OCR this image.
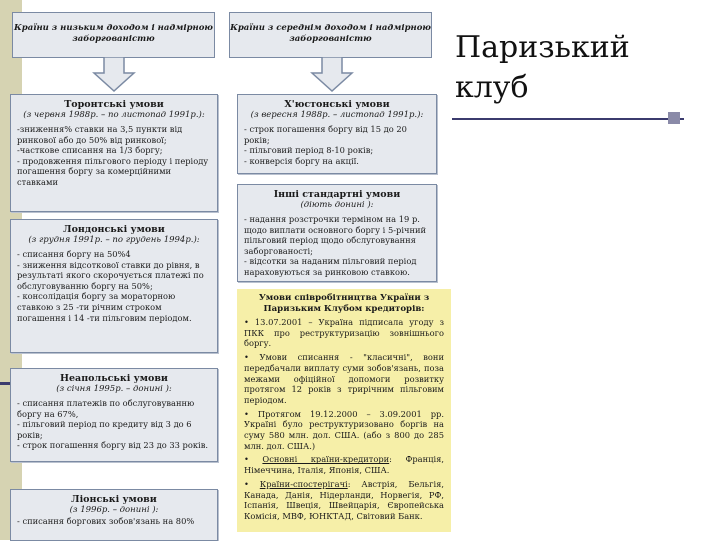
Паризький
клуб
Країни з низьким доходом і надмірною заборгованістю
Країни з середнім доходом і надмірною заборгованістю
Торонтські умови
(з червня 1988р. – по листопад 1991р.):
-зниження% ставки на 3,5 пункти від ринкової або до 50% від ринкової;
-часткове списання на 1/3 боргу;
- продовження пільгового періоду і періоду погашення боргу за комерційними ставками
Лондонські умови
(з грудня 1991р. – по грудень 1994р.):
- списання боргу на 50%4
- зниження відсоткової ставки до рівня, в результаті якого скорочується платежі по обслуговуванню боргу на 50%;
- консолідація боргу за мораторною ставкою з 25 -ти річним строком погашення і 14 -ти пільговим періодом.
Неапольські умови
(з січня 1995р. – донині ):
- списання платежів по обслуговуванню боргу на 67%,
- пільговий період по кредиту від 3 до 6 років;
- строк погашення боргу від 23 до 33 років.
Ліонські умови
(з 1996р. – донині ):
- списання боргових зобов'язань на 80%
Х'юстонські умови
(з вересня 1988р. – листопад 1991р.):
- строк погашення боргу від 15 до 20 років;
- пільговий період 8-10 років;
- конверсія боргу на акції.
Інші стандартні умови
(діють донині ):
- надання розстрочки терміном на 19 р. щодо виплати основного боргу і 5-річний пільговий період щодо обслуговування заборгованості;
- відсотки за наданим пільговий період нараховуються за ринковою ставкою.
Умови співробітництва України з Паризьким Клубом кредиторів:
• 13.07.2001 – Україна підписала угоду з ПКК про реструктуризацію зовнішнього боргу.
• Умови списання - "класичні", вони передбачали виплату суми зобов'язань, поза межами офіційної допомоги розвитку протягом 12 років з трирічним пільговим періодом.
• Протягом 19.12.2000 – 3.09.2001 рр. Україні було реструктуризовано боргів на суму 580 млн. дол. США. (або з 800 до 285 млн. дол. США.)
• Основні країни-кредитори: Франція, Німеччина, Італія, Японія, США.
• Країни-спостерігачі: Австрія, Бельгія, Канада, Данія, Нідерланди, Норвегія, РФ, Іспанія, Швеція, Швейцарія, Європейська Комісія, МВФ, ЮНКТАД, Світовий Банк.
